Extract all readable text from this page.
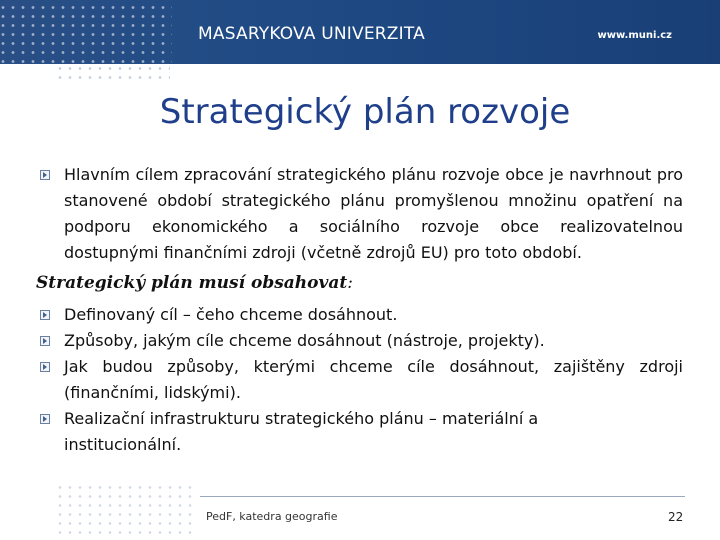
MASARYKOVA UNIVERZITA	www.muni.cz
Strategický plán rozvoje
Hlavním cílem zpracování strategického plánu rozvoje obce je navrhnout pro stanovené období strategického plánu promyšlenou množinu opatření na podporu ekonomického a sociálního rozvoje obce realizovatelnou dostupnými finančními zdroji (včetně zdrojů EU) pro toto období.
Strategický plán musí obsahovat:
Definovaný cíl – čeho chceme dosáhnout.
Způsoby, jakým cíle chceme dosáhnout (nástroje, projekty).
Jak budou způsoby, kterými chceme cíle dosáhnout, zajištěny zdroji (finančními, lidskými).
Realizační infrastrukturu strategického plánu – materiální a institucionální.
PedF, katedra geografie	22
